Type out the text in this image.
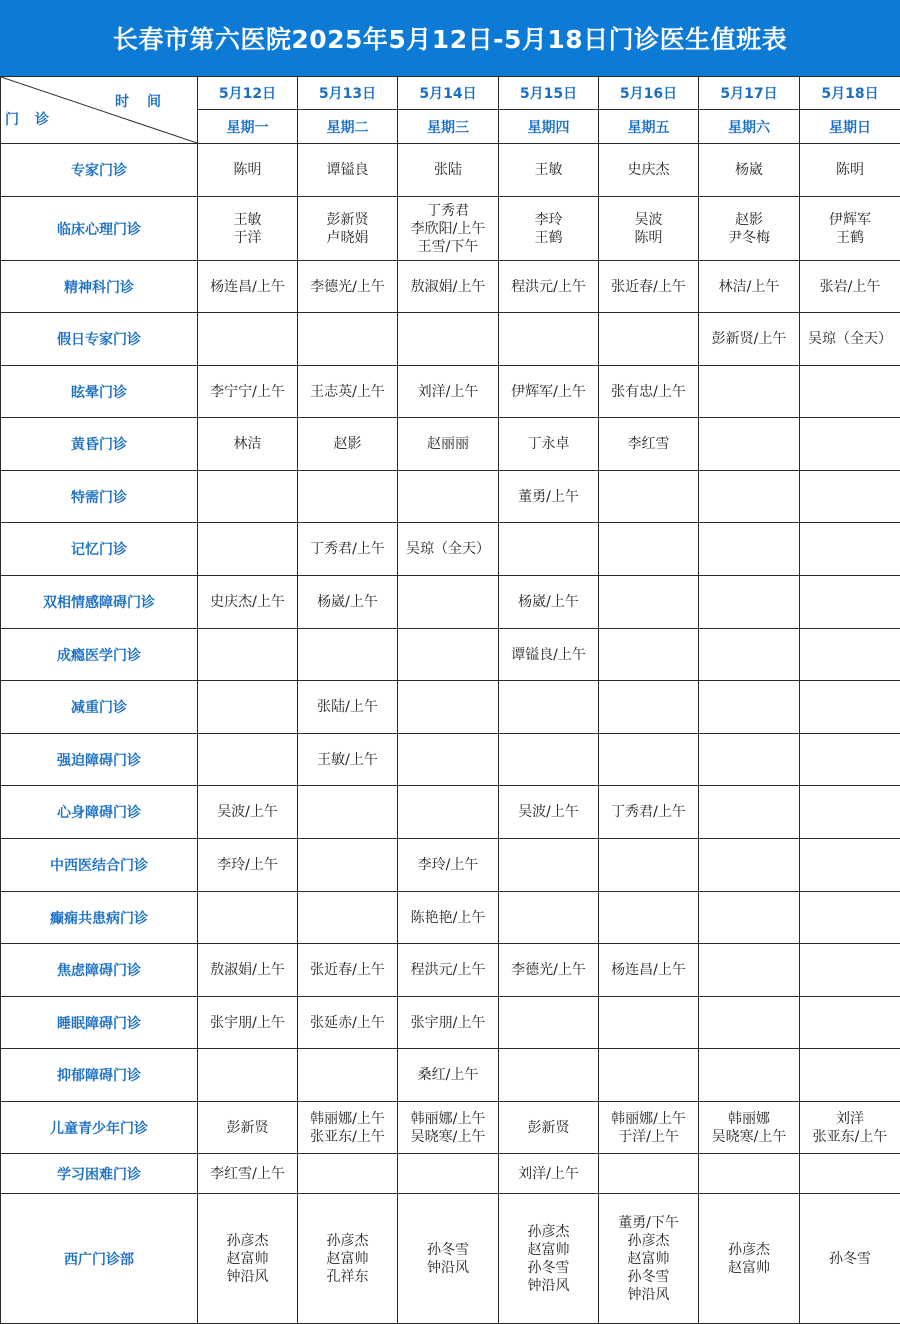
长春市第六医院2025年5月12日-5月18日门诊医生值班表
时间
门诊	5月12日	5月13日	5月14日	5月15日	5月16日	5月17日	5月18日
	星期一	星期二	星期三	星期四	星期五	星期六	星期日
专家门诊	陈明	谭镒良	张陆	王敏	史庆杰	杨崴	陈明

临床心理门诊	王敏
于洋	彭新贤
卢晓娟	丁秀君
李欣阳/上午
王雪/下午	李玲
王鹤	吴波
陈明	赵影
尹冬梅	伊辉军
王鹤

精神科门诊	杨连昌/上午	李德光/上午	敖淑娟/上午	程洪元/上午	张近春/上午	林洁/上午	张岩/上午

假日专家门诊						彭新贤/上午	吴琼（全天）

眩晕门诊	李宁宁/上午	王志英/上午	刘洋/上午	伊辉军/上午	张有忠/上午		

黄昏门诊	林洁	赵影	赵丽丽	丁永卓	李红雪		

特需门诊				董勇/上午			

记忆门诊		丁秀君/上午	吴琼（全天）				

双相情感障碍门诊	史庆杰/上午	杨崴/上午		杨崴/上午			

成瘾医学门诊				谭镒良/上午			

减重门诊		张陆/上午					

强迫障碍门诊		王敏/上午					

心身障碍门诊	吴波/上午			吴波/上午	丁秀君/上午		

中西医结合门诊	李玲/上午		李玲/上午				

癫痫共患病门诊			陈艳艳/上午				

焦虑障碍门诊	敖淑娟/上午	张近春/上午	程洪元/上午	李德光/上午	杨连昌/上午		

睡眠障碍门诊	张宇朋/上午	张延赤/上午	张宇朋/上午				

抑郁障碍门诊			桑红/上午				

儿童青少年门诊	彭新贤	韩丽娜/上午
张亚东/上午	韩丽娜/上午
吴晓寒/上午	彭新贤	韩丽娜/上午
于洋/上午	韩丽娜
吴晓寒/上午	刘洋
张亚东/上午

学习困难门诊	李红雪/上午			刘洋/上午			

西广门诊部	孙彦杰
赵富帅
钟沿风	孙彦杰
赵富帅
孔祥东	孙冬雪
钟沿风	孙彦杰
赵富帅
孙冬雪
钟沿风	董勇/下午
孙彦杰
赵富帅
孙冬雪
钟沿风	孙彦杰
赵富帅	孙冬雪
